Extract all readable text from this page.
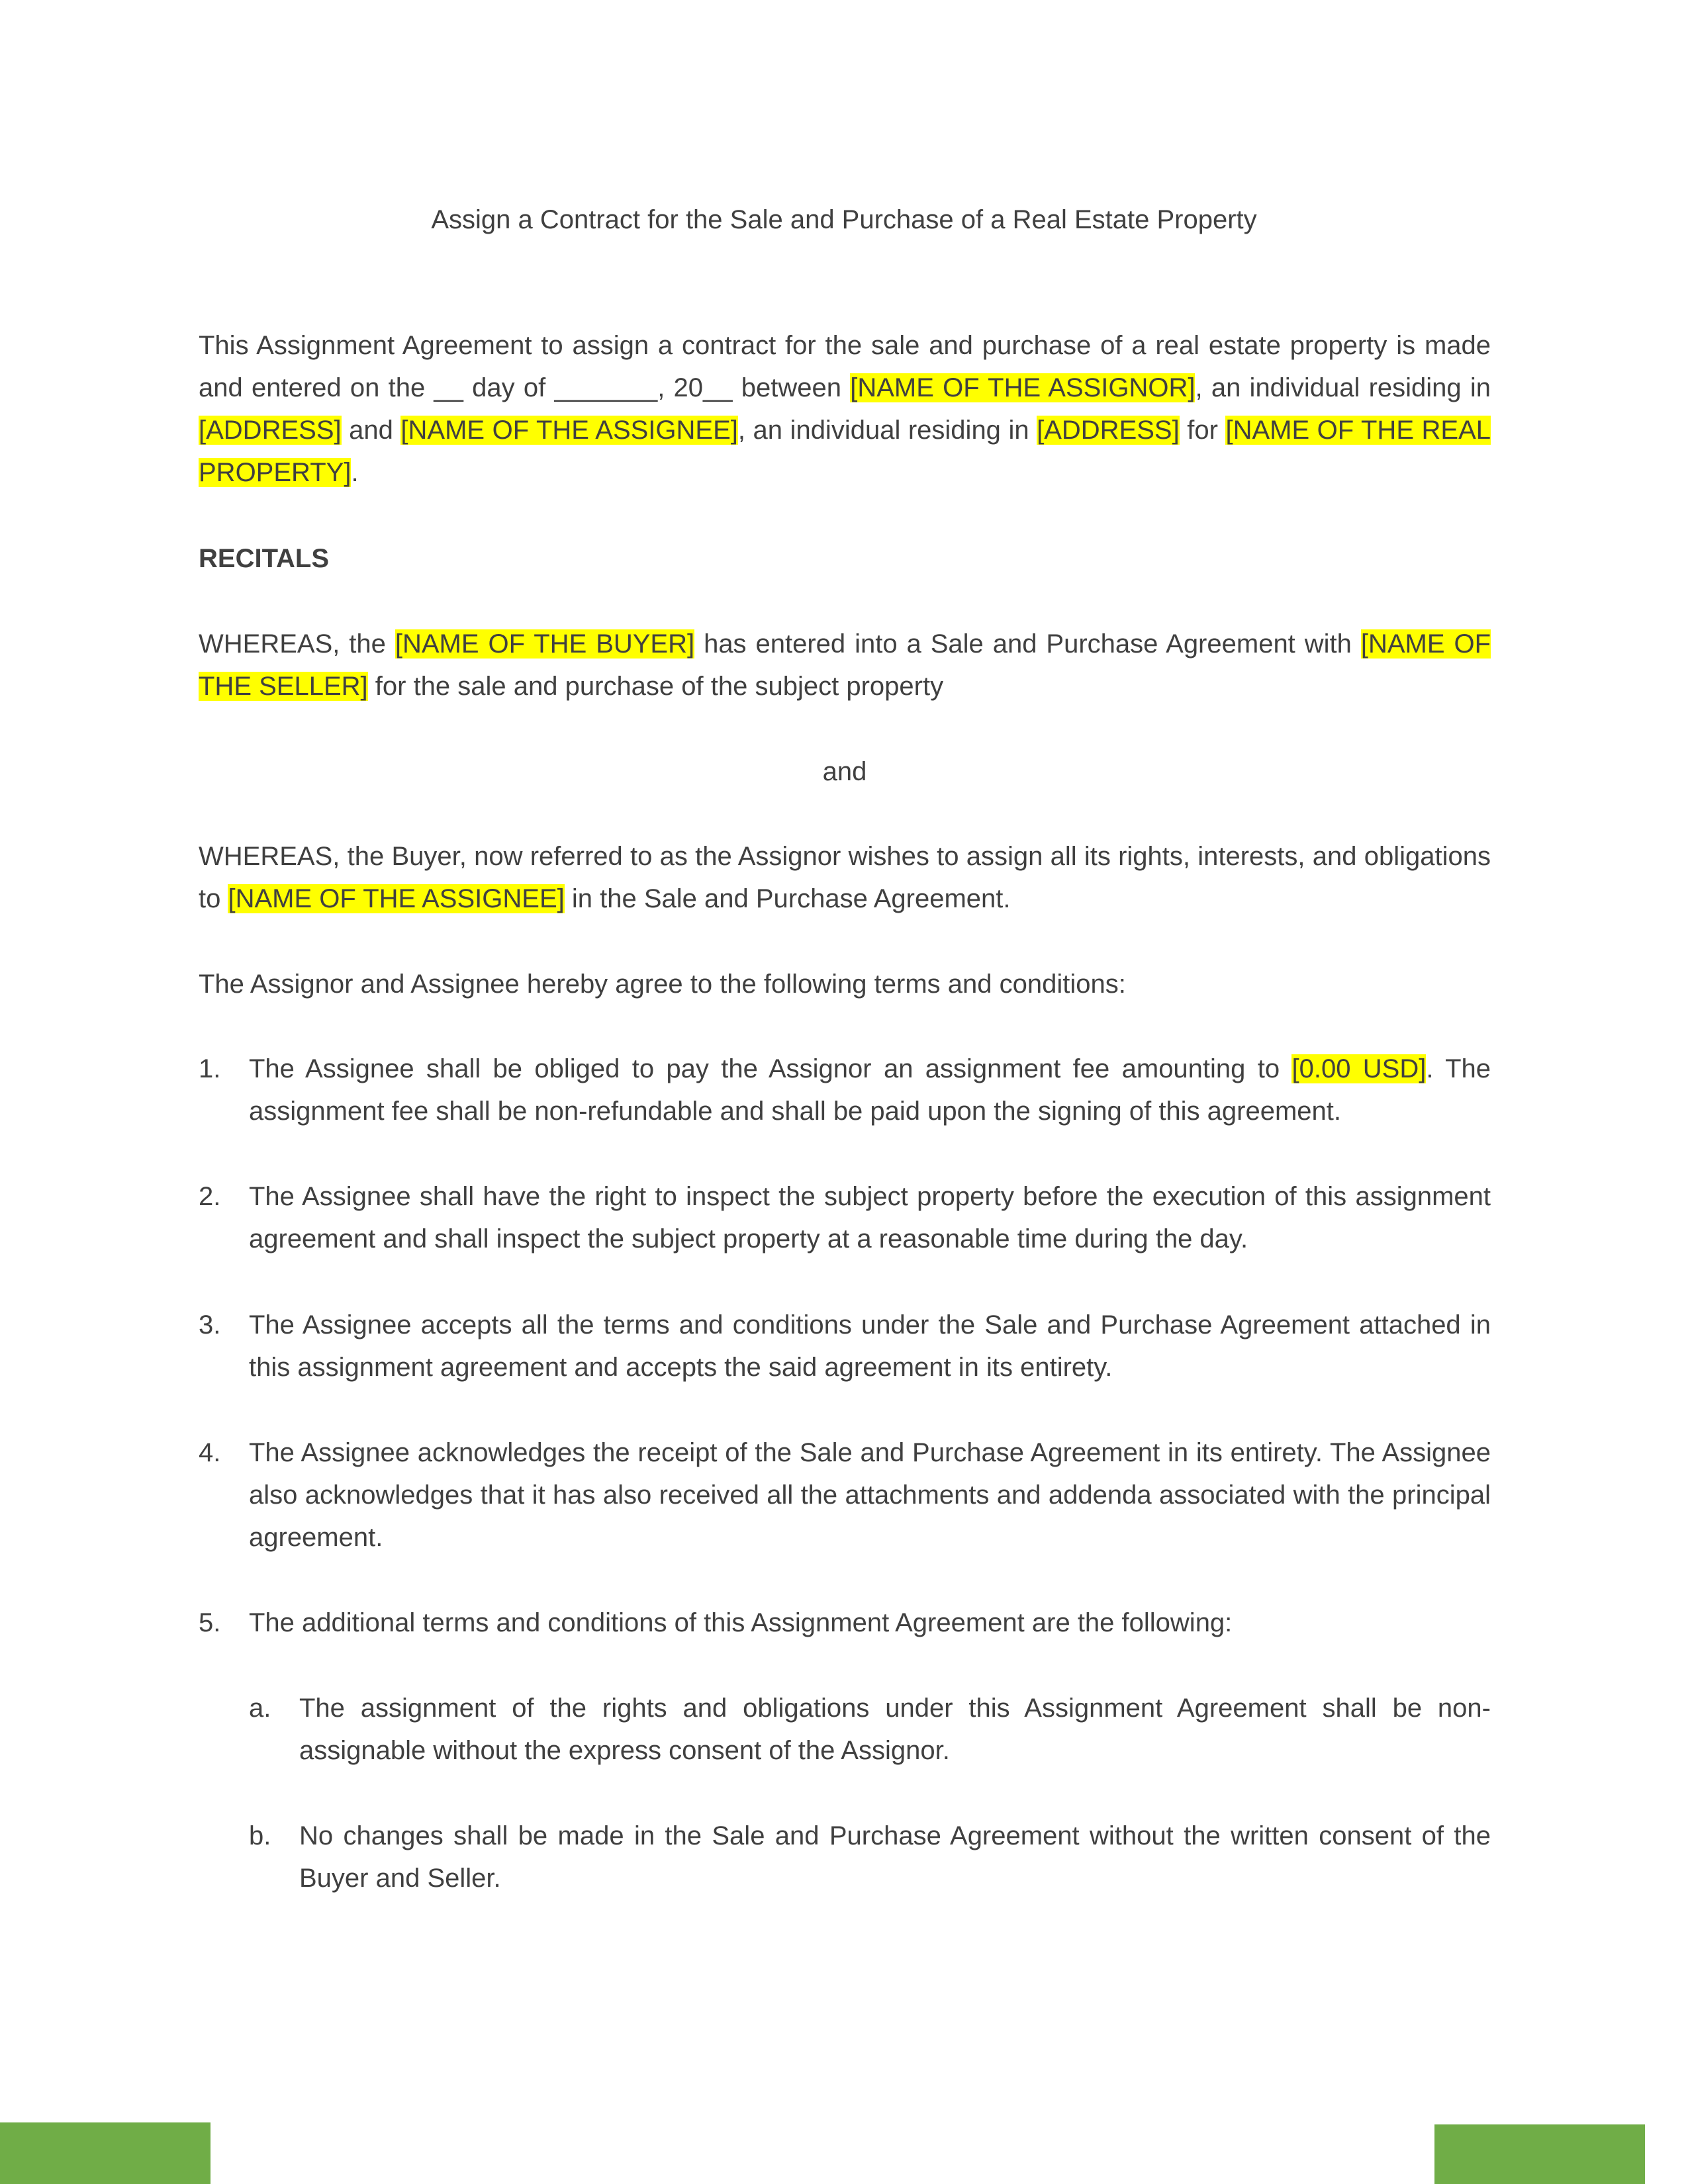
Assign a Contract for the Sale and Purchase of a Real Estate Property
This Assignment Agreement to assign a contract for the sale and purchase of a real estate property is made and entered on the __ day of _______, 20__ between [NAME OF THE ASSIGNOR], an individual residing in [ADDRESS] and [NAME OF THE ASSIGNEE], an individual residing in [ADDRESS] for [NAME OF THE REAL PROPERTY].
RECITALS
WHEREAS, the [NAME OF THE BUYER] has entered into a Sale and Purchase Agreement with [NAME OF THE SELLER] for the sale and purchase of the subject property
and
WHEREAS, the Buyer, now referred to as the Assignor wishes to assign all its rights, interests, and obligations to [NAME OF THE ASSIGNEE] in the Sale and Purchase Agreement.
The Assignor and Assignee hereby agree to the following terms and conditions:
1. The Assignee shall be obliged to pay the Assignor an assignment fee amounting to [0.00 USD]. The assignment fee shall be non-refundable and shall be paid upon the signing of this agreement.
2. The Assignee shall have the right to inspect the subject property before the execution of this assignment agreement and shall inspect the subject property at a reasonable time during the day.
3. The Assignee accepts all the terms and conditions under the Sale and Purchase Agreement attached in this assignment agreement and accepts the said agreement in its entirety.
4. The Assignee acknowledges the receipt of the Sale and Purchase Agreement in its entirety. The Assignee also acknowledges that it has also received all the attachments and addenda associated with the principal agreement.
5. The additional terms and conditions of this Assignment Agreement are the following:
a. The assignment of the rights and obligations under this Assignment Agreement shall be non-assignable without the express consent of the Assignor.
b. No changes shall be made in the Sale and Purchase Agreement without the written consent of the Buyer and Seller.
